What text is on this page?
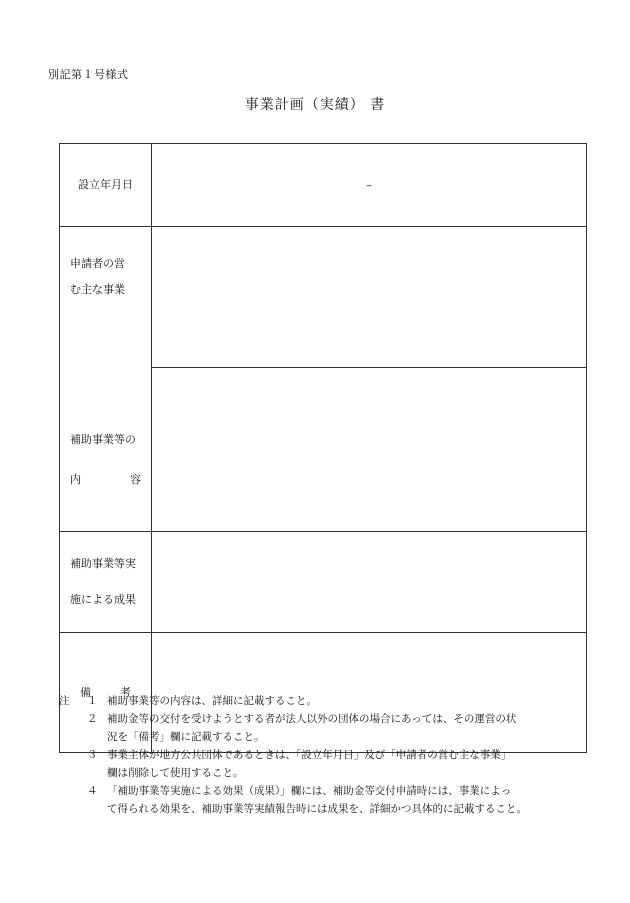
別記第１号様式
事業計画（実績） 書
設立年月日	–

申請者の営
む主な事業
補助事業等の
内 容	

補助事業等実
施による成果	

備 考	

注 １ 補助事業等の内容は、詳細に記載すること。
２ 補助金等の交付を受けようとする者が法人以外の団体の場合にあっては、その運営の状
況を「備考」欄に記載すること。
３ 事業主体が地方公共団体であるときは、「設立年月日」及び「申請者の営む主な事業」
欄は削除して使用すること。
４ 「補助事業等実施による効果（成果）」欄には、補助金等交付申請時には、事業によっ
て得られる効果を、補助事業等実績報告時には成果を、詳細かつ具体的に記載すること。
